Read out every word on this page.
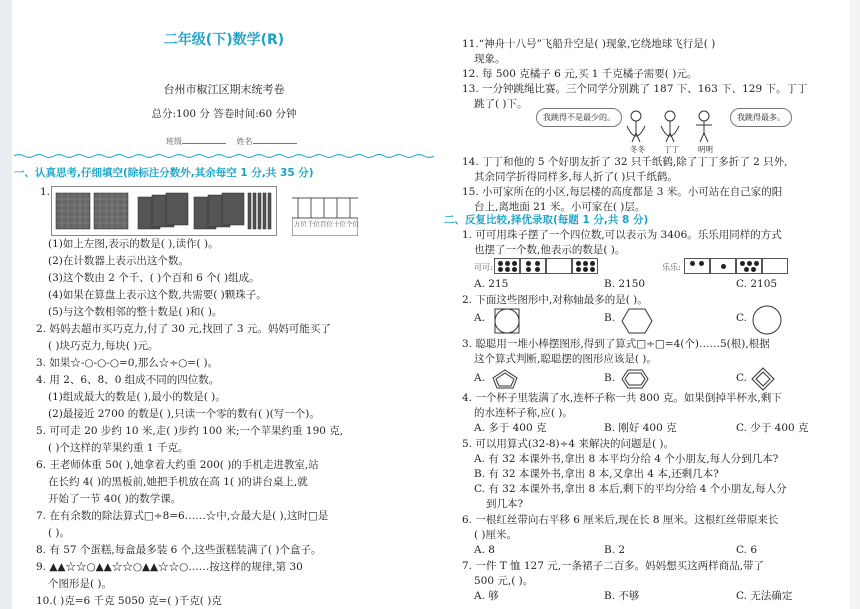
二年级(下)数学(R)
台州市椒江区期末统考卷
总分:100 分 答卷时间:60 分钟
班级	姓名
一、认真思考,仔细填空(除标注分数外,其余每空 1 分,共 35 分)
1.
万位 千位 百位 十位 个位
(1)如上左图,表示的数是( ),读作( )。
(2)在计数器上表示出这个数。
(3)这个数由 2 个千、( )个百和 6 个( )组成。
(4)如果在算盘上表示这个数,共需要( )颗珠子。
(5)与这个数相邻的整十数是( )和( )。
2. 妈妈去超市买巧克力,付了 30 元,找回了 3 元。妈妈可能买了
( )块巧克力,每块( )元。
3. 如果☆-○-○-○=0,那么☆÷○=( )。
4. 用 2、6、8、0 组成不同的四位数。
(1)组成最大的数是( ),最小的数是( )。
(2)最接近 2700 的数是( ),只读一个零的数有( )(写一个)。
5. 可可走 20 步约 10 米,走( )步约 100 米;一个苹果约重 190 克,
( )个这样的苹果约重 1 千克。
6. 王老师体重 50( ),她拿着大约重 200( )的手机走进教室,站
在长约 4( )的黑板前,她把手机放在高 1( )的讲台桌上,就
开始了一节 40( )的数学课。
7. 在有余数的除法算式□÷8=6……☆中,☆最大是( ),这时□是
( )。
8. 有 57 个蛋糕,每盒最多装 6 个,这些蛋糕装满了( )个盒子。
9. ▲▲☆☆○▲▲☆☆○▲▲☆☆○……按这样的规律,第 30
个图形是( )。
10.( )克=6 千克 5050 克=( )千克( )克
11.“神舟十八号”飞船升空是( )现象,它绕地球飞行是( )
现象。
12. 每 500 克橘子 6 元,买 1 千克橘子需要( )元。
13. 一分钟跳绳比赛。三个同学分别跳了 187 下、163 下、129 下。丁丁
跳了( )下。
我跳得不是最少的。	我跳得最多。
冬冬	丁丁	明明
14. 丁丁和他的 5 个好朋友折了 32 只千纸鹤,除了丁丁多折了 2 只外,
其余同学折得同样多,每人折了( )只千纸鹤。
15. 小可家所在的小区,每层楼的高度都是 3 米。小可站在自己家的阳
台上,离地面 21 米。小可家在( )层。
二、反复比较,择优录取(每题 1 分,共 8 分)
1. 可可用珠子摆了一个四位数,可以表示为 3406。乐乐用同样的方式
也摆了一个数,他表示的数是( )。
可可:	乐乐:
A. 215	B. 2150	C. 2105
2. 下面这些图形中,对称轴最多的是( )。
A.	B.	C.
3. 聪聪用一堆小棒摆图形,得到了算式□÷□=4(个)……5(根),根据
这个算式判断,聪聪摆的图形应该是( )。
A.	B.	C.
4. 一个杯子里装满了水,连杯子称一共 800 克。如果倒掉半杯水,剩下
的水连杯子称,应( )。
A. 多于 400 克	B. 刚好 400 克	C. 少于 400 克
5. 可以用算式(32-8)÷4 来解决的问题是( )。
A. 有 32 本课外书,拿出 8 本平均分给 4 个小朋友,每人分到几本?
B. 有 32 本课外书,拿出 8 本,又拿出 4 本,还剩几本?
C. 有 32 本课外书,拿出 8 本后,剩下的平均分给 4 个小朋友,每人分
到几本?
6. 一根红丝带向右平移 6 厘米后,现在长 8 厘米。这根红丝带原来长
( )厘米。
A. 8	B. 2	C. 6
7. 一件 T 恤 127 元,一条裙子二百多。妈妈想买这两样商品,带了
500 元,( )。
A. 够	B. 不够	C. 无法确定
